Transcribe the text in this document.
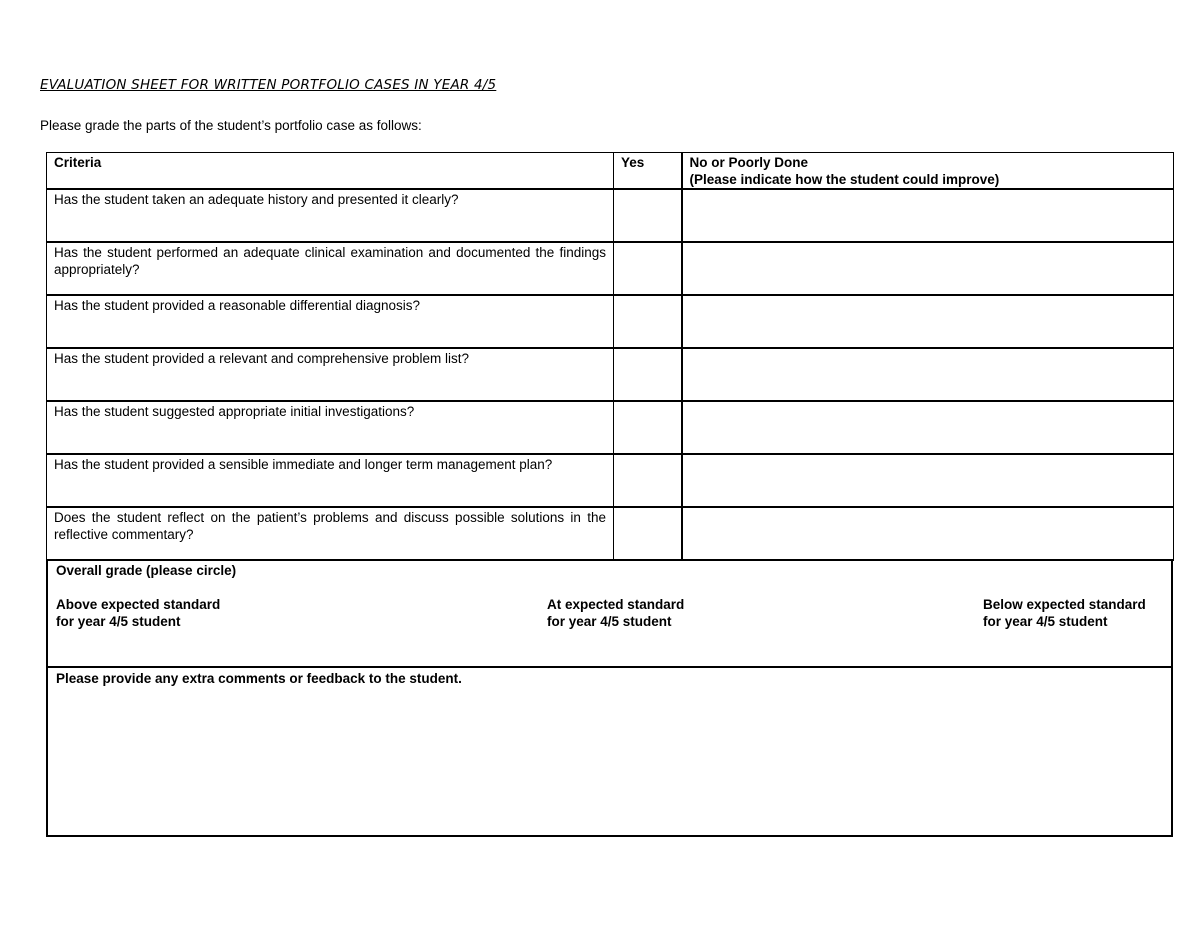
EVALUATION SHEET FOR WRITTEN PORTFOLIO CASES IN YEAR 4/5
Please grade the parts of the student’s portfolio case as follows:
Criteria	Yes	No or Poorly Done
(Please indicate how the student could improve)

Has the student taken an adequate history and presented it clearly?		
Has the student performed an adequate clinical examination and documented the findings appropriately?		
Has the student provided a reasonable differential diagnosis?		
Has the student provided a relevant and comprehensive problem list?		
Has the student suggested appropriate initial investigations?		
Has the student provided a sensible immediate and longer term management plan?		
Does the student reflect on the patient’s problems and discuss possible solutions in the reflective commentary?		
Overall grade (please circle)
Above expected standard
for year 4/5 student
At expected standard
for year 4/5 student
Below expected standard
for year 4/5 student

Please provide any extra comments or feedback to the student.
